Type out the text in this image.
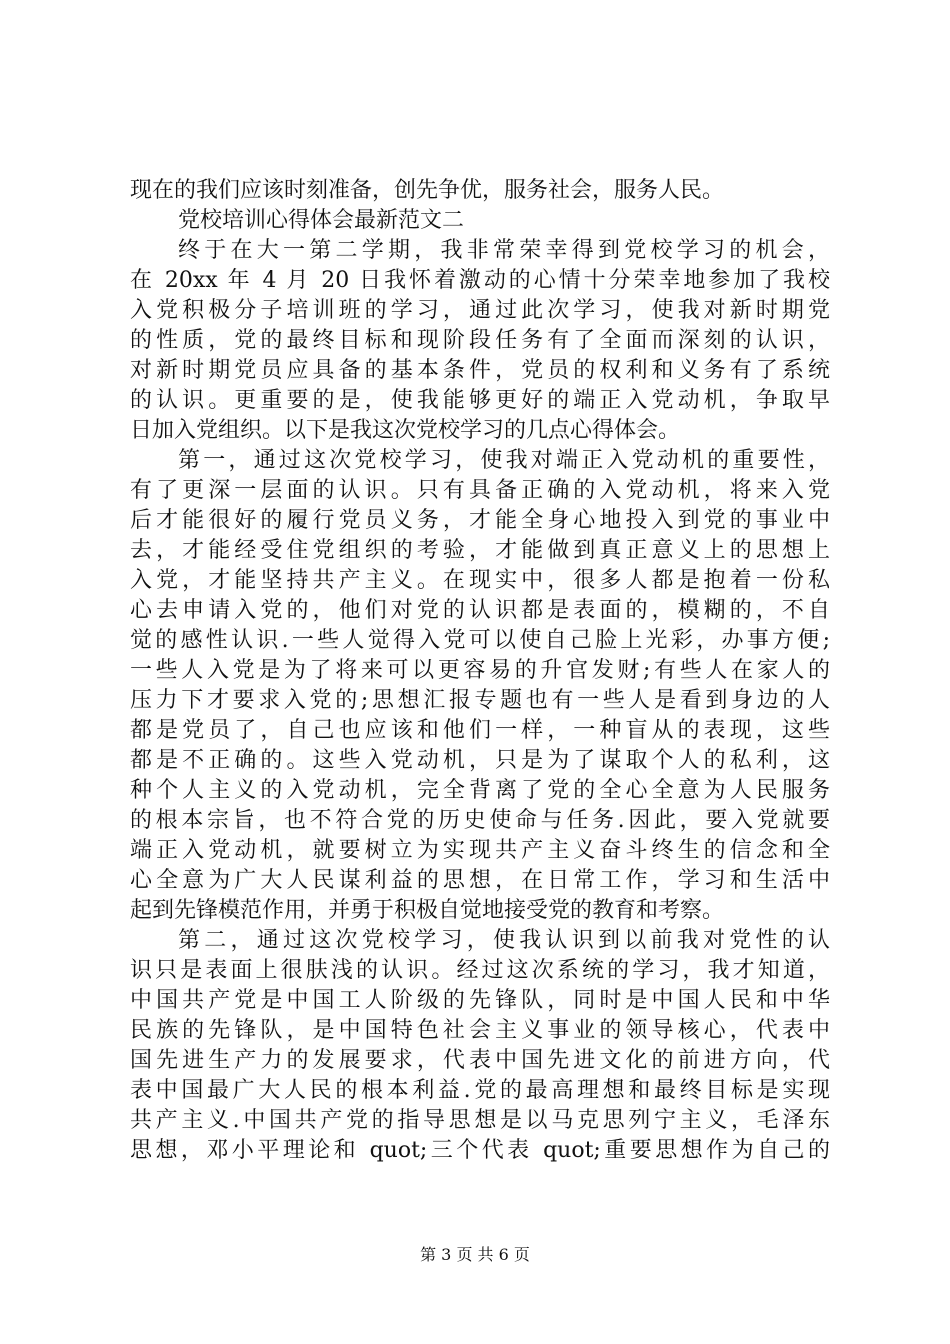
现在的我们应该时刻准备，创先争优，服务社会，服务人民。
党校培训心得体会最新范文二
终于在大一第二学期，我非常荣幸得到党校学习的机会，
在 20xx 年 4 月 20 日我怀着激动的心情十分荣幸地参加了我校
入党积极分子培训班的学习，通过此次学习，使我对新时期党
的性质，党的最终目标和现阶段任务有了全面而深刻的认识，
对新时期党员应具备的基本条件，党员的权利和义务有了系统
的认识。更重要的是，使我能够更好的端正入党动机，争取早
日加入党组织。以下是我这次党校学习的几点心得体会。
第一，通过这次党校学习，使我对端正入党动机的重要性，
有了更深一层面的认识。只有具备正确的入党动机，将来入党
后才能很好的履行党员义务，才能全身心地投入到党的事业中
去，才能经受住党组织的考验，才能做到真正意义上的思想上
入党，才能坚持共产主义。在现实中，很多人都是抱着一份私
心去申请入党的，他们对党的认识都是表面的，模糊的，不自
觉的感性认识.一些人觉得入党可以使自己脸上光彩，办事方便;
一些人入党是为了将来可以更容易的升官发财;有些人在家人的
压力下才要求入党的;思想汇报专题也有一些人是看到身边的人
都是党员了，自己也应该和他们一样，一种盲从的表现，这些
都是不正确的。这些入党动机，只是为了谋取个人的私利，这
种个人主义的入党动机，完全背离了党的全心全意为人民服务
的根本宗旨，也不符合党的历史使命与任务.因此，要入党就要
端正入党动机，就要树立为实现共产主义奋斗终生的信念和全
心全意为广大人民谋利益的思想，在日常工作，学习和生活中
起到先锋模范作用，并勇于积极自觉地接受党的教育和考察。
第二，通过这次党校学习，使我认识到以前我对党性的认
识只是表面上很肤浅的认识。经过这次系统的学习，我才知道，
中国共产党是中国工人阶级的先锋队，同时是中国人民和中华
民族的先锋队，是中国特色社会主义事业的领导核心，代表中
国先进生产力的发展要求，代表中国先进文化的前进方向，代
表中国最广大人民的根本利益.党的最高理想和最终目标是实现
共产主义.中国共产党的指导思想是以马克思列宁主义，毛泽东
思想，邓小平理论和 quot;三个代表 quot;重要思想作为自己的
第 3 页 共 6 页
